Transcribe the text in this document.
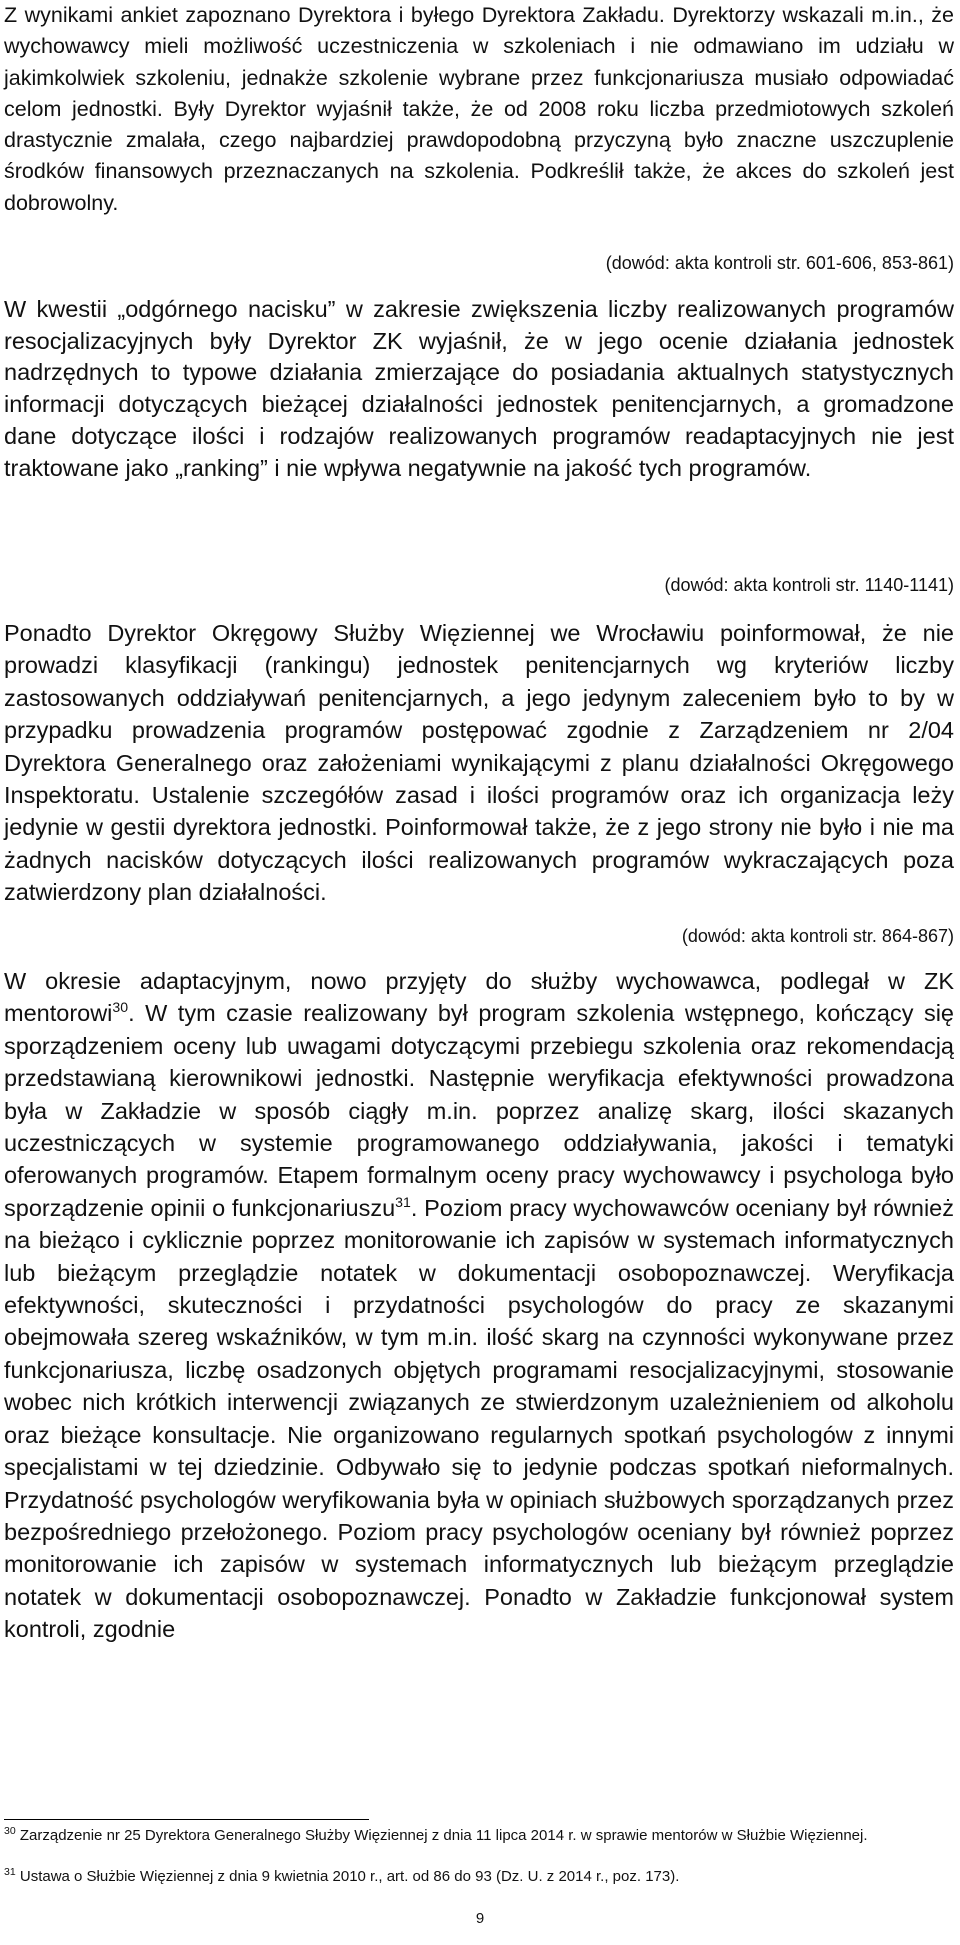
Z wynikami ankiet zapoznano Dyrektora i byłego Dyrektora Zakładu. Dyrektorzy wskazali m.in., że wychowawcy mieli możliwość uczestniczenia w szkoleniach i nie odmawiano im udziału w jakimkolwiek szkoleniu, jednakże szkolenie wybrane przez funkcjonariusza musiało odpowiadać celom jednostki. Były Dyrektor wyjaśnił także, że od 2008 roku liczba przedmiotowych szkoleń drastycznie zmalała, czego najbardziej prawdopodobną przyczyną było znaczne uszczuplenie środków finansowych przeznaczanych na szkolenia. Podkreślił także, że akces do szkoleń jest dobrowolny.
(dowód: akta kontroli str. 601-606, 853-861)
W kwestii „odgórnego nacisku” w zakresie zwiększenia liczby realizowanych programów resocjalizacyjnych były Dyrektor ZK wyjaśnił, że w jego ocenie działania jednostek nadrzędnych to typowe działania zmierzające do posiadania aktualnych statystycznych informacji dotyczących bieżącej działalności jednostek penitencjarnych, a gromadzone dane dotyczące ilości i rodzajów realizowanych programów readaptacyjnych nie jest traktowane jako „ranking” i nie wpływa negatywnie na jakość tych programów.
(dowód: akta kontroli str. 1140-1141)
Ponadto Dyrektor Okręgowy Służby Więziennej we Wrocławiu poinformował, że nie prowadzi klasyfikacji (rankingu) jednostek penitencjarnych wg kryteriów liczby zastosowanych oddziaływań penitencjarnych, a jego jedynym zaleceniem było to by w przypadku prowadzenia programów postępować zgodnie z Zarządzeniem nr 2/04 Dyrektora Generalnego oraz założeniami wynikającymi z planu działalności Okręgowego Inspektoratu. Ustalenie szczegółów zasad i ilości programów oraz ich organizacja leży jedynie w gestii dyrektora jednostki. Poinformował także, że z jego strony nie było i nie ma żadnych nacisków dotyczących ilości realizowanych programów wykraczających poza zatwierdzony plan działalności.
(dowód: akta kontroli str. 864-867)
W okresie adaptacyjnym, nowo przyjęty do służby wychowawca, podlegał w ZK mentorowi$^{30}$. W tym czasie realizowany był program szkolenia wstępnego, kończący się sporządzeniem oceny lub uwagami dotyczącymi przebiegu szkolenia oraz rekomendacją przedstawianą kierownikowi jednostki. Następnie weryfikacja efektywności prowadzona była w Zakładzie w sposób ciągły m.in. poprzez analizę skarg, ilości skazanych uczestniczących w systemie programowanego oddziaływania, jakości i tematyki oferowanych programów. Etapem formalnym oceny pracy wychowawcy i psychologa było sporządzenie opinii o funkcjonariuszu$^{31}$. Poziom pracy wychowawców oceniany był również na bieżąco i cyklicznie poprzez monitorowanie ich zapisów w systemach informatycznych lub bieżącym przeglądzie notatek w dokumentacji osobopoznawczej. Weryfikacja efektywności, skuteczności i przydatności psychologów do pracy ze skazanymi obejmowała szereg wskaźników, w tym m.in. ilość skarg na czynności wykonywane przez funkcjonariusza, liczbę osadzonych objętych programami resocjalizacyjnymi, stosowanie wobec nich krótkich interwencji związanych ze stwierdzonym uzależnieniem od alkoholu oraz bieżące konsultacje. Nie organizowano regularnych spotkań psychologów z innymi specjalistami w tej dziedzinie. Odbywało się to jedynie podczas spotkań nieformalnych. Przydatność psychologów weryfikowania była w opiniach służbowych sporządzanych przez bezpośredniego przełożonego. Poziom pracy psychologów oceniany był również poprzez monitorowanie ich zapisów w systemach informatycznych lub bieżącym przeglądzie notatek w dokumentacji osobopoznawczej. Ponadto w Zakładzie funkcjonował system kontroli, zgodnie
$^{30}$ Zarządzenie nr 25 Dyrektora Generalnego Służby Więziennej z dnia 11 lipca 2014 r. w sprawie mentorów w Służbie Więziennej.
$^{31}$ Ustawa o Służbie Więziennej z dnia 9 kwietnia 2010 r., art. od 86 do 93 (Dz. U. z 2014 r., poz. 173).
9
